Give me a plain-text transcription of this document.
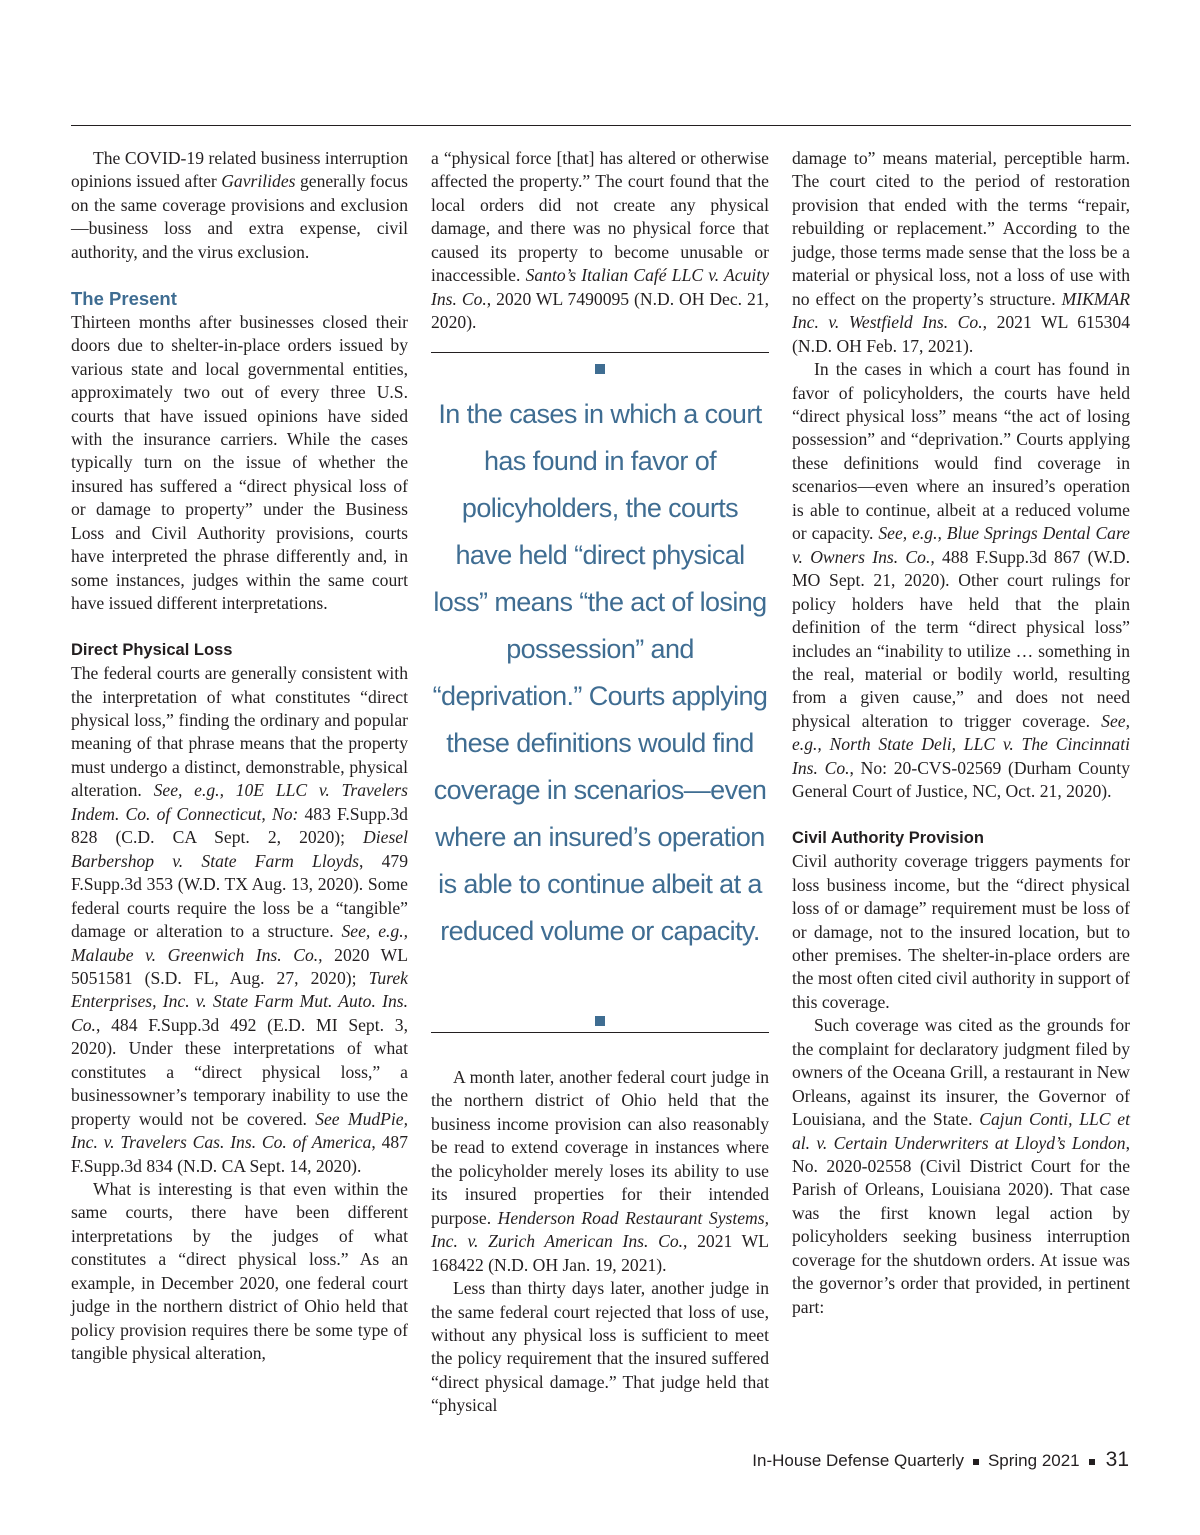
The COVID-19 related business interruption opinions issued after Gavrilides generally focus on the same coverage provisions and exclusion—business loss and extra expense, civil authority, and the virus exclusion.

The Present

Thirteen months after businesses closed their doors due to shelter-in-place orders issued by various state and local governmental entities, approximately two out of every three U.S. courts that have issued opinions have sided with the insurance carriers. While the cases typically turn on the issue of whether the insured has suffered a “direct physical loss of or damage to property” under the Business Loss and Civil Authority provisions, courts have interpreted the phrase differently and, in some instances, judges within the same court have issued different interpretations.

Direct Physical Loss

The federal courts are generally consistent with the interpretation of what constitutes “direct physical loss,” finding the ordinary and popular meaning of that phrase means that the property must undergo a distinct, demonstrable, physical alteration. See, e.g., 10E LLC v. Travelers Indem. Co. of Connecticut, No: 483 F.Supp.3d 828 (C.D. CA Sept. 2, 2020); Diesel Barbershop v. State Farm Lloyds, 479 F.Supp.3d 353 (W.D. TX Aug. 13, 2020). Some federal courts require the loss be a “tangible” damage or alteration to a structure. See, e.g., Malaube v. Greenwich Ins. Co., 2020 WL 5051581 (S.D. FL, Aug. 27, 2020); Turek Enterprises, Inc. v. State Farm Mut. Auto. Ins. Co., 484 F.Supp.3d 492 (E.D. MI Sept. 3, 2020). Under these interpretations of what constitutes a “direct physical loss,” a businessowner’s temporary inability to use the property would not be covered. See MudPie, Inc. v. Travelers Cas. Ins. Co. of America, 487 F.Supp.3d 834 (N.D. CA Sept. 14, 2020).

What is interesting is that even within the same courts, there have been different interpretations by the judges of what constitutes a “direct physical loss.” As an example, in December 2020, one federal court judge in the northern district of Ohio held that policy provision requires there be some type of tangible physical alteration,

a “physical force [that] has altered or otherwise affected the property.” The court found that the local orders did not create any physical damage, and there was no physical force that caused its property to become unusable or inaccessible. Santo’s Italian Café LLC v. Acuity Ins. Co., 2020 WL 7490095 (N.D. OH Dec. 21, 2020).

In the cases in which a court has found in favor of policyholders, the courts have held “direct physical loss” means “the act of losing possession” and “deprivation.” Courts applying these definitions would find coverage in scenarios—even where an insured’s operation is able to continue albeit at a reduced volume or capacity.

A month later, another federal court judge in the northern district of Ohio held that the business income provision can also reasonably be read to extend coverage in instances where the policyholder merely loses its ability to use its insured properties for their intended purpose. Henderson Road Restaurant Systems, Inc. v. Zurich American Ins. Co., 2021 WL 168422 (N.D. OH Jan. 19, 2021).

Less than thirty days later, another judge in the same federal court rejected that loss of use, without any physical loss is sufficient to meet the policy requirement that the insured suffered “direct physical damage.” That judge held that “physical

damage to” means material, perceptible harm. The court cited to the period of restoration provision that ended with the terms “repair, rebuilding or replacement.” According to the judge, those terms made sense that the loss be a material or physical loss, not a loss of use with no effect on the property’s structure. MIKMAR Inc. v. Westfield Ins. Co., 2021 WL 615304 (N.D. OH Feb. 17, 2021).

In the cases in which a court has found in favor of policyholders, the courts have held “direct physical loss” means “the act of losing possession” and “deprivation.” Courts applying these definitions would find coverage in scenarios—even where an insured’s operation is able to continue, albeit at a reduced volume or capacity. See, e.g., Blue Springs Dental Care v. Owners Ins. Co., 488 F.Supp.3d 867 (W.D. MO Sept. 21, 2020). Other court rulings for policy holders have held that the plain definition of the term “direct physical loss” includes an “inability to utilize … something in the real, material or bodily world, resulting from a given cause,” and does not need physical alteration to trigger coverage. See, e.g., North State Deli, LLC v. The Cincinnati Ins. Co., No: 20-CVS-02569 (Durham County General Court of Justice, NC, Oct. 21, 2020).

Civil Authority Provision

Civil authority coverage triggers payments for loss business income, but the “direct physical loss of or damage” requirement must be loss of or damage, not to the insured location, but to other premises. The shelter-in-place orders are the most often cited civil authority in support of this coverage.

Such coverage was cited as the grounds for the complaint for declaratory judgment filed by owners of the Oceana Grill, a restaurant in New Orleans, against its insurer, the Governor of Louisiana, and the State. Cajun Conti, LLC et al. v. Certain Underwriters at Lloyd’s London, No. 2020-02558 (Civil District Court for the Parish of Orleans, Louisiana 2020). That case was the first known legal action by policyholders seeking business interruption coverage for the shutdown orders. At issue was the governor’s order that provided, in pertinent part:

In-House Defense Quarterly Spring 2021 31
